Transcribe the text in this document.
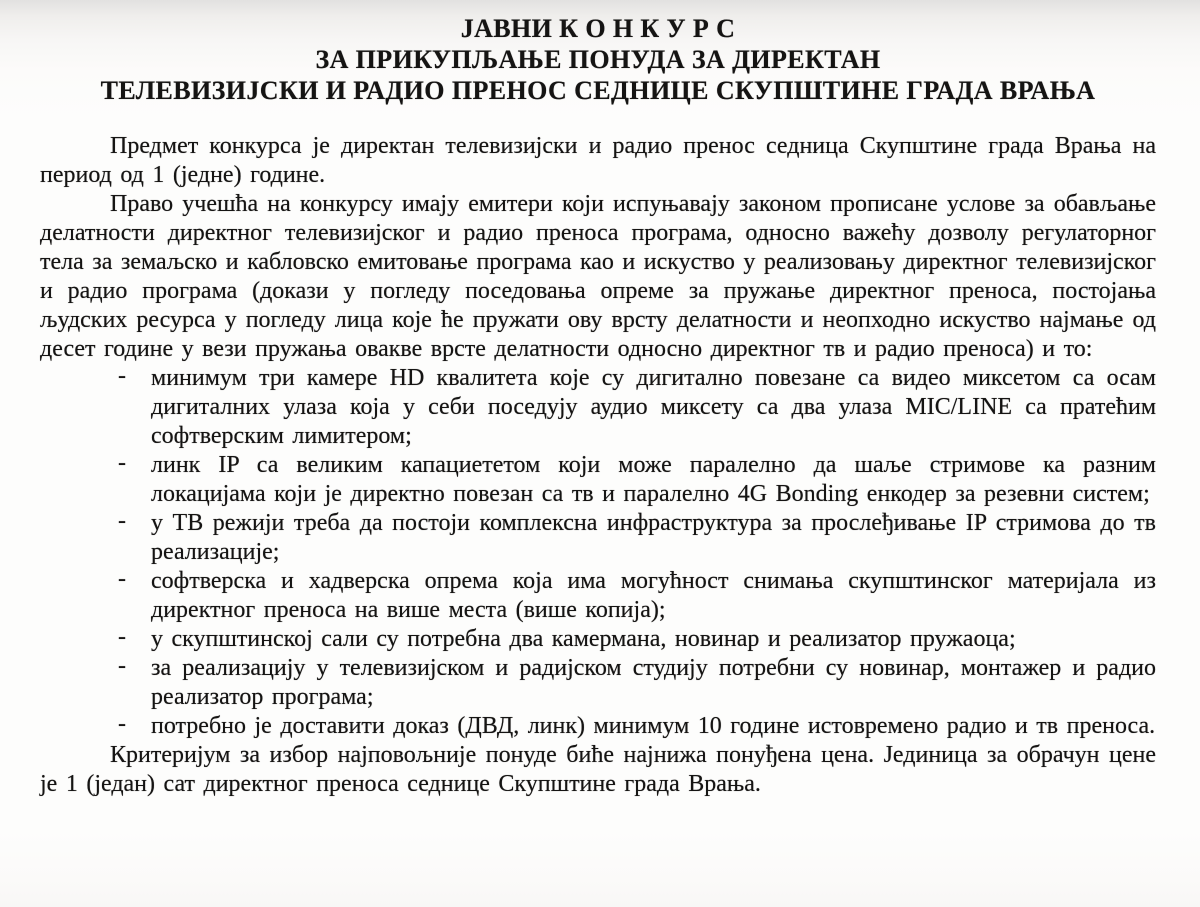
ЈАВНИ К О Н К У Р С
ЗА ПРИКУПЉАЊЕ ПОНУДА ЗА ДИРЕКТАН
ТЕЛЕВИЗИЈСКИ И РАДИО ПРЕНОС СЕДНИЦЕ СКУПШТИНЕ ГРАДА ВРАЊА

Предмет конкурса је директан телевизијски и радио пренос седница Скупштине града Врања на период од 1 (једне) године.

Право учешћа на конкурсу имају емитери који испуњавају законом прописане услове за обављање делатности директног телевизијског и радио преноса програма, односно важећу дозволу регулаторног тела за земаљско и кабловско емитовање програма као и искуство у реализовању директног телевизијског и радио програма (докази у погледу поседовања опреме за пружање директног преноса, постојања људских ресурса у погледу лица које ће пружати ову врсту делатности и неопходно искуство најмање од десет године у вези пружања овакве врсте делатности односно директног тв и радио преноса) и то:

- минимум три камере HD квалитета које су дигитално повезане са видео миксетом са осам дигиталних улаза која у себи поседују аудио миксету са два улаза MIC/LINE са пратећим софтверским лимитером;
- линк IP са великим капациететом који може паралелно да шаље стримове ка разним локацијама који је директно повезан са тв и паралелно 4G Bonding енкодер за резевни систем;
- у ТВ режији треба да постоји комплексна инфраструктура за прослеђивање IP стримова до тв реализације;
- софтверска и хадверска опрема која има могућност снимања скупштинског материјала из директног преноса на више места (више копија);
- у скупштинској сали су потребна два камермана, новинар и реализатор пружаоца;
- за реализацију у телевизијском и радијском студију потребни су новинар, монтажер и радио реализатор програма;
- потребно је доставити доказ (ДВД, линк) минимум 10 године истовремено радио и тв преноса.

Критеријум за избор најповољније понуде биће најнижа понуђена цена. Јединица за обрачун цене је 1 (један) сат директног преноса седнице Скупштине града Врања.
